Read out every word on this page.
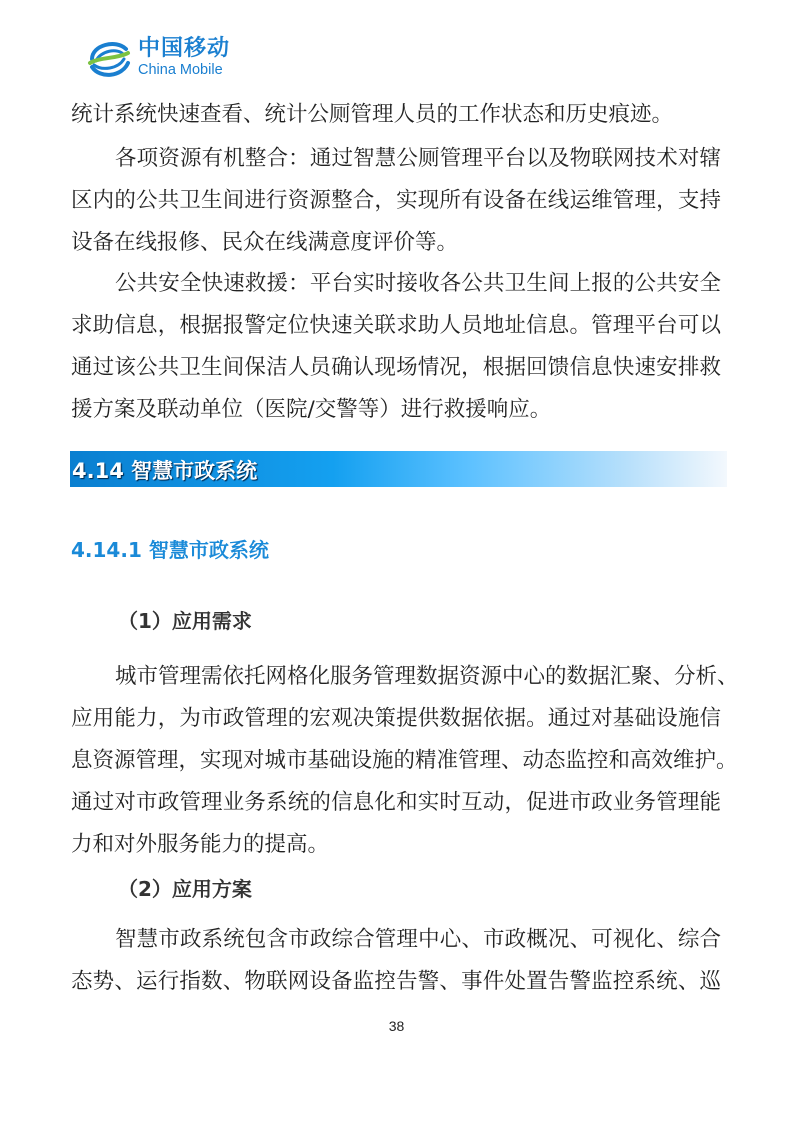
中国移动
China Mobile
统计系统快速查看、统计公厕管理人员的工作状态和历史痕迹。
各项资源有机整合：通过智慧公厕管理平台以及物联网技术对辖
区内的公共卫生间进行资源整合，实现所有设备在线运维管理，支持
设备在线报修、民众在线满意度评价等。
公共安全快速救援：平台实时接收各公共卫生间上报的公共安全
求助信息，根据报警定位快速关联求助人员地址信息。管理平台可以
通过该公共卫生间保洁人员确认现场情况，根据回馈信息快速安排救
援方案及联动单位（医院/交警等）进行救援响应。
4.14 智慧市政系统
4.14.1 智慧市政系统
（1）应用需求
城市管理需依托网格化服务管理数据资源中心的数据汇聚、分析、
应用能力，为市政管理的宏观决策提供数据依据。通过对基础设施信
息资源管理，实现对城市基础设施的精准管理、动态监控和高效维护。
通过对市政管理业务系统的信息化和实时互动，促进市政业务管理能
力和对外服务能力的提高。
（2）应用方案
智慧市政系统包含市政综合管理中心、市政概况、可视化、综合
态势、运行指数、物联网设备监控告警、事件处置告警监控系统、巡
38
